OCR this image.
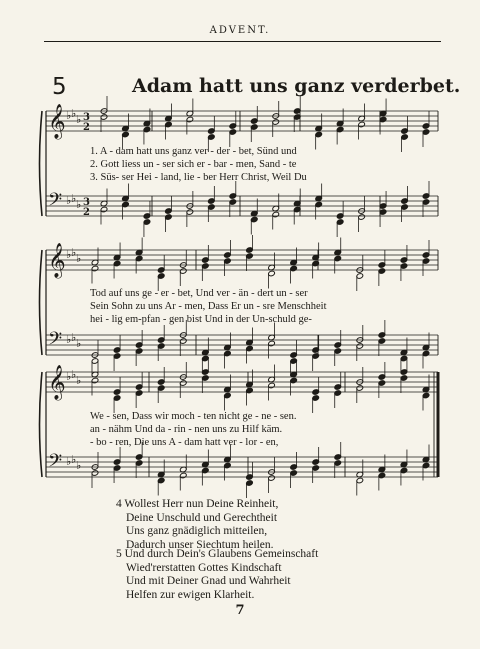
ADVENT.
5	Adam hatt uns ganz verderbet.
𝄞 ♭ ♭ ♭ 3
2
𝄢 ♭ ♭ ♭ 3
2
𝄞 ♭ ♭ ♭
𝄢 ♭ ♭ ♭
𝄞 ♭ ♭ ♭
𝄢 ♭ ♭ ♭
1. A - dam hatt uns ganz ver - der - bet, Sünd und
2. Gott liess un - ser sich er - bar - men, Sand - te
3. Süs- ser Hei - land, lie - ber Herr Christ, Weil Du
Tod auf uns ge - er - bet, Und ver - än - dert un - ser
Sein Sohn zu uns Ar - men, Dass Er un - sre Menschheit
hei - lig em-pfan - gen bist Und in der Un-schuld ge-
We - sen, Dass wir moch - ten nicht ge - ne - sen.
an - nähm Und da - rin - nen uns zu Hilf käm.
- bo - ren, Die uns A - dam hatt ver - lor - en,
4 Wollest Herr nun Deine Reinheit,
Deine Unschuld und Gerechtheit
Uns ganz gnädiglich mitteilen,
Dadurch unser Siechtum heilen.
5 Und durch Dein's Glaubens Gemeinschaft
Wied'rerstatten Gottes Kindschaft
Und mit Deiner Gnad und Wahrheit
Helfen zur ewigen Klarheit.
7
